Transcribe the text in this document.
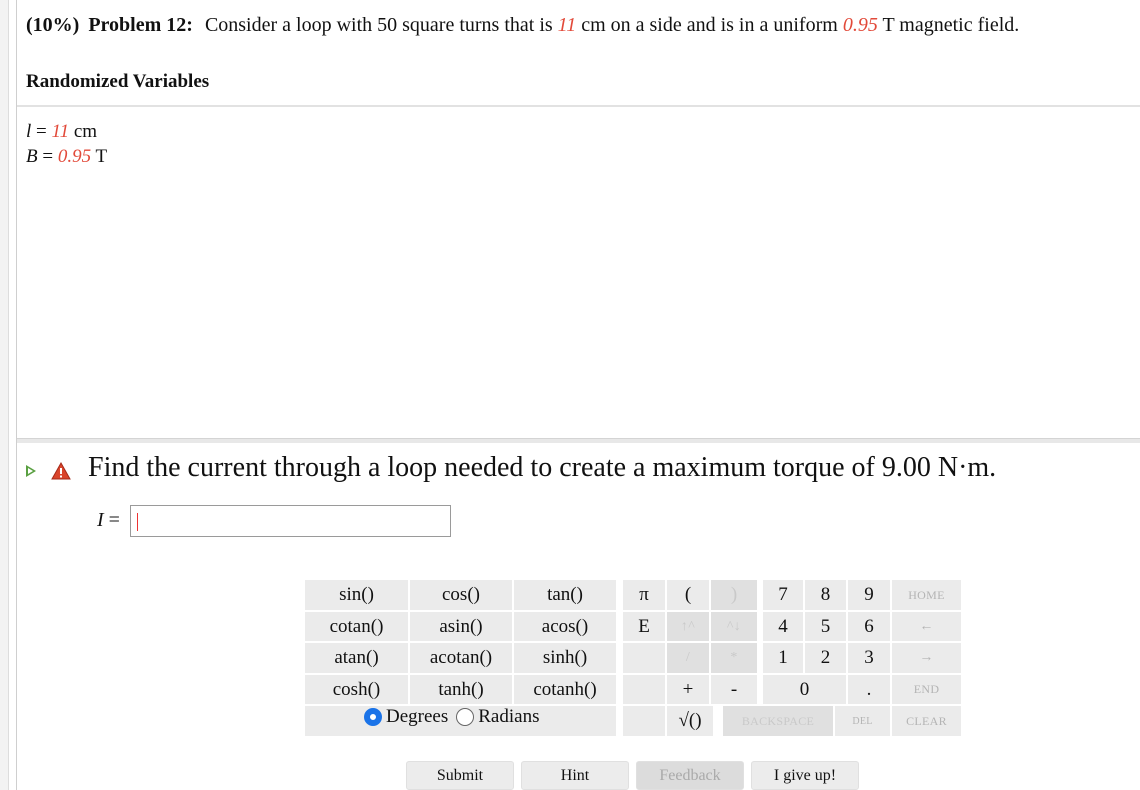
(10%) Problem 12: Consider a loop with 50 square turns that is 11 cm on a side and is in a uniform 0.95 T magnetic field.
Randomized Variables
l = 11 cm
B = 0.95 T
Find the current through a loop needed to create a maximum torque of 9.00 N·m.
I =
sin()	cos()	tan()
cotan()	asin()	acos()
atan()	acotan()	sinh()
cosh()	tanh()	cotanh()
π	(	)
E	↑^	^↓
/	*
+	-
√()
7	8	9
4	5	6
1	2	3
0	.
HOME
←
→
END
BACKSPACE	DEL	CLEAR
Degrees Radians
Submit	Hint	Feedback	I give up!
